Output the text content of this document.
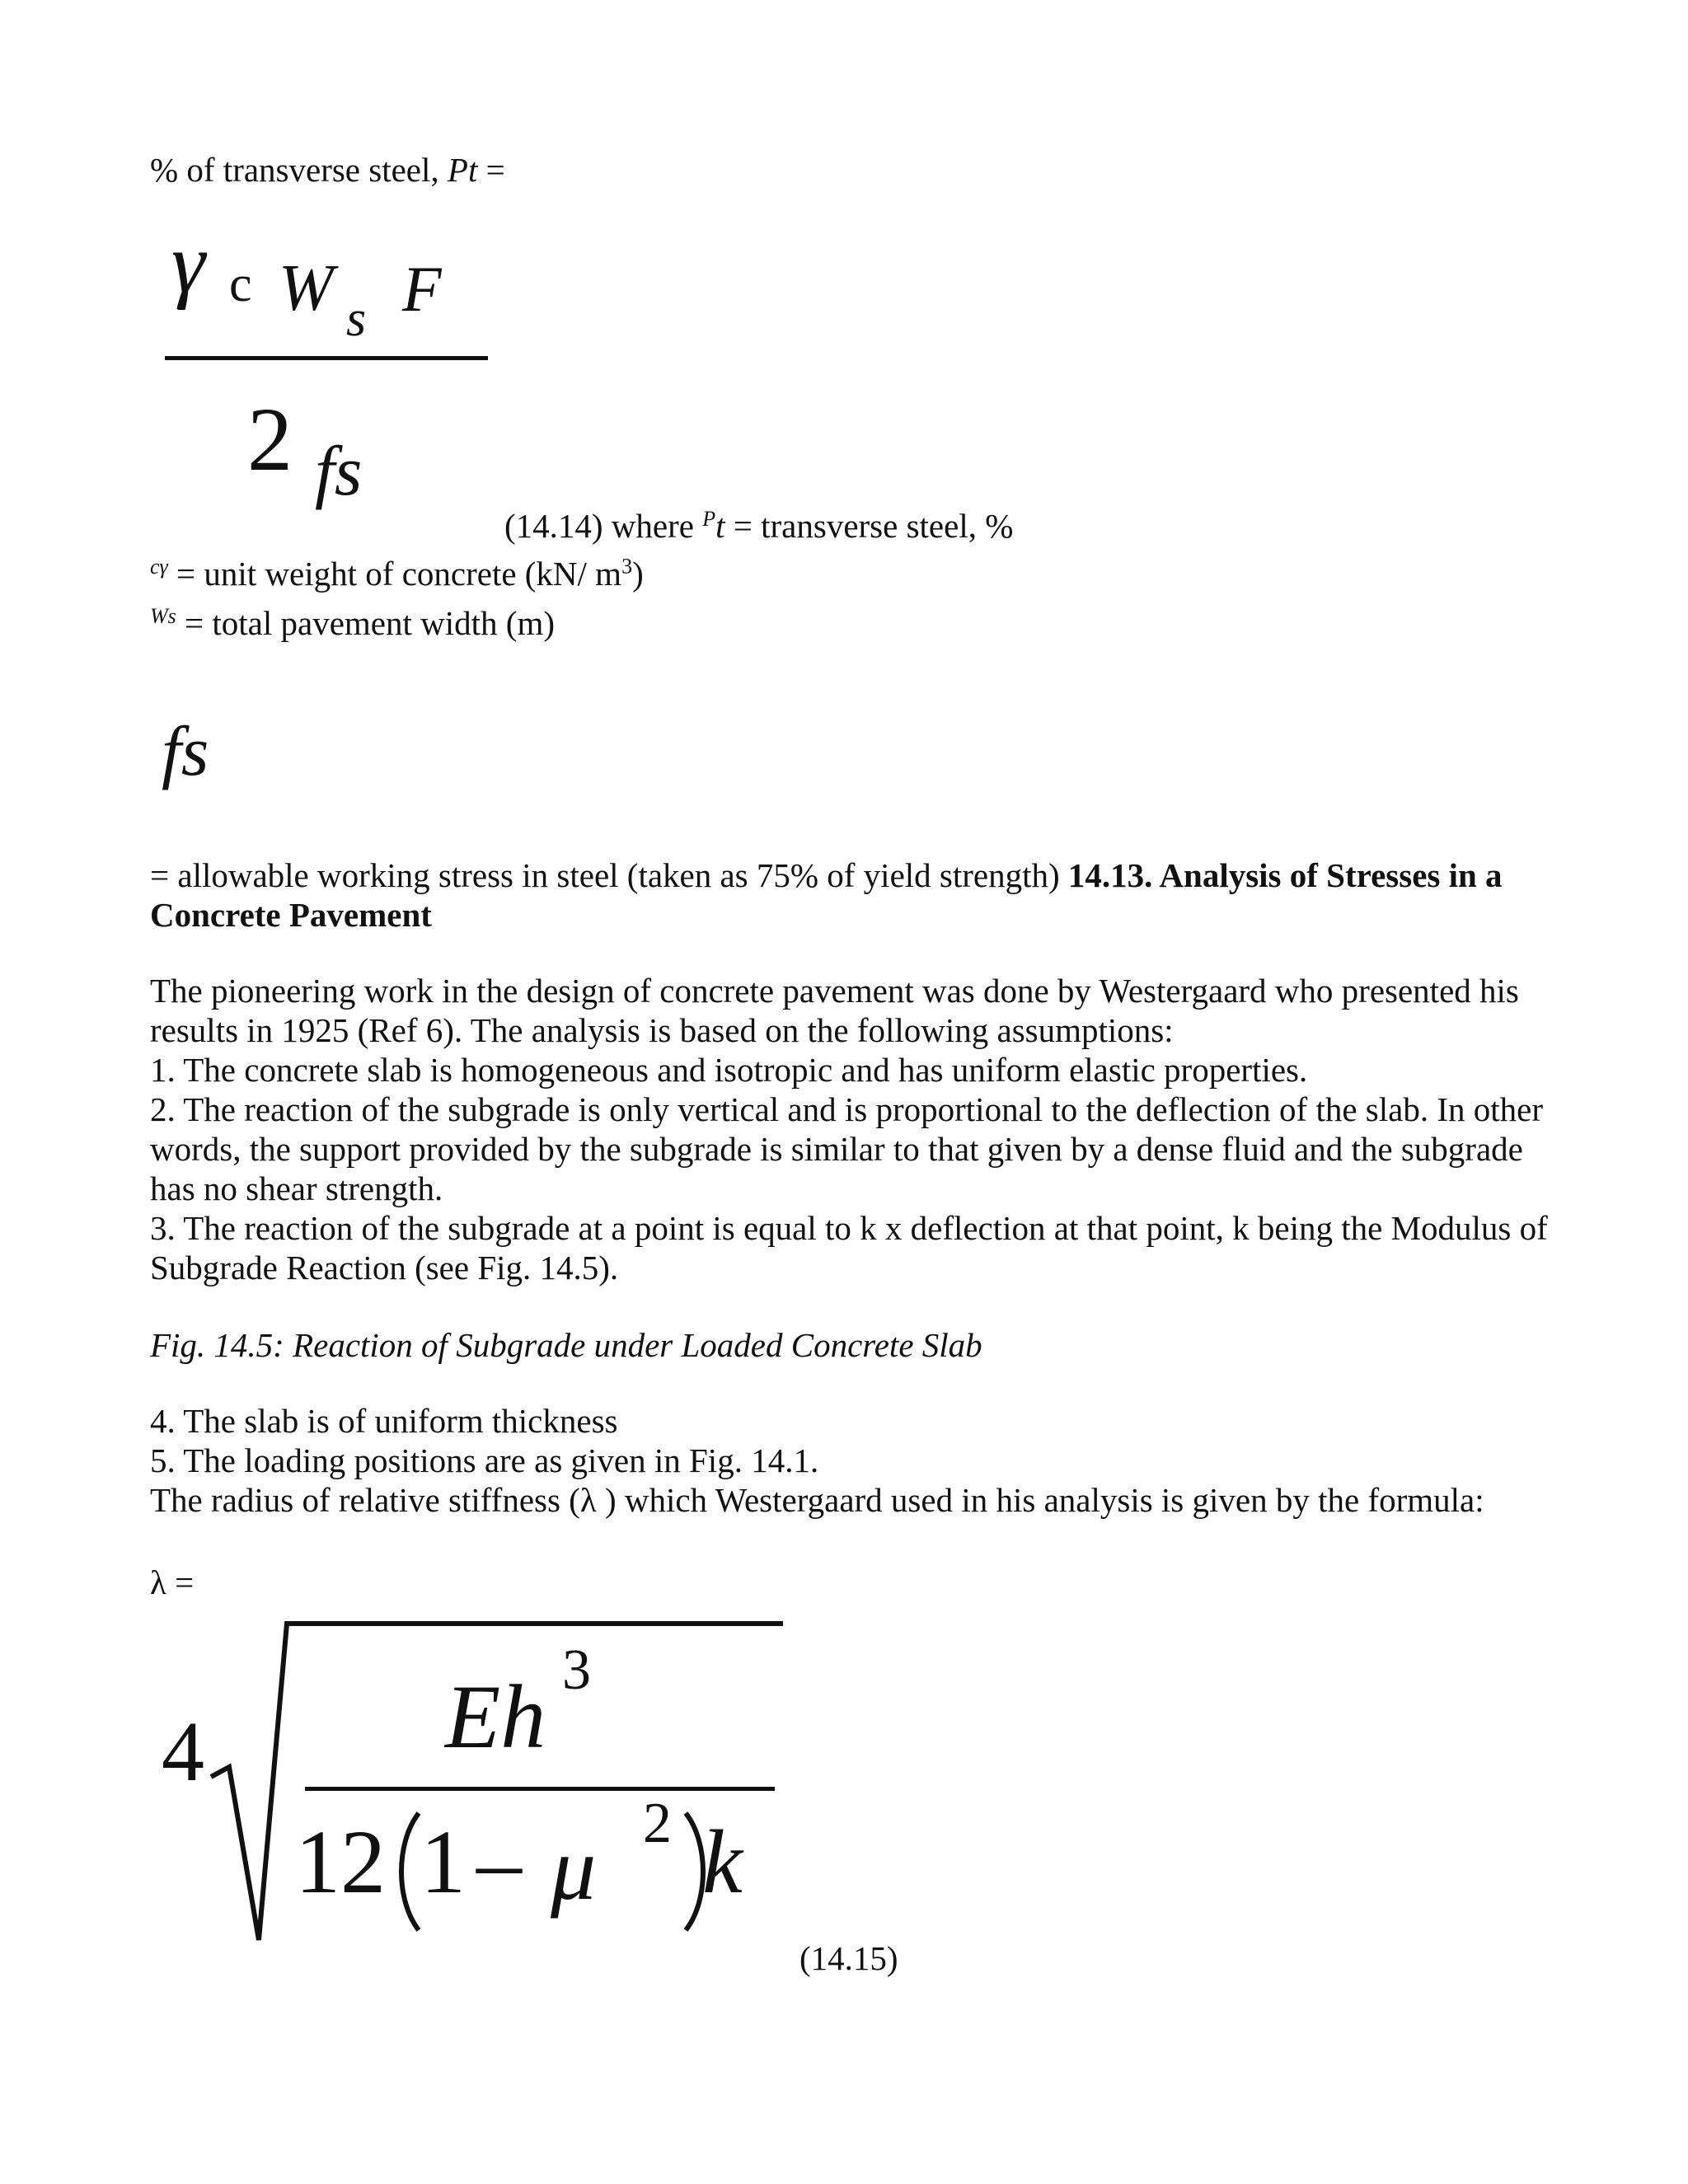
% of transverse steel, Pt =
γ c W s F
2 fs
(14.14) where $^P$t = transverse steel, %
$^{c\gamma}$ = unit weight of concrete (kN/ $m^3$)
$^{Ws}$ = total pavement width (m)
fs
= allowable working stress in steel (taken as 75% of yield strength) 14.13. Analysis of Stresses in a
Concrete Pavement
The pioneering work in the design of concrete pavement was done by Westergaard who presented his
results in 1925 (Ref 6). The analysis is based on the following assumptions:
1. The concrete slab is homogeneous and isotropic and has uniform elastic properties.
2. The reaction of the subgrade is only vertical and is proportional to the deflection of the slab. In other
words, the support provided by the subgrade is similar to that given by a dense fluid and the subgrade
has no shear strength.
3. The reaction of the subgrade at a point is equal to k x deflection at that point, k being the Modulus of
Subgrade Reaction (see Fig. 14.5).
Fig. 14.5: Reaction of Subgrade under Loaded Concrete Slab
4. The slab is of uniform thickness
5. The loading positions are as given in Fig. 14.1.
The radius of relative stiffness (λ ) which Westergaard used in his analysis is given by the formula:
λ =
4	Eh 3
12 1 – μ 2 k
(14.15)
